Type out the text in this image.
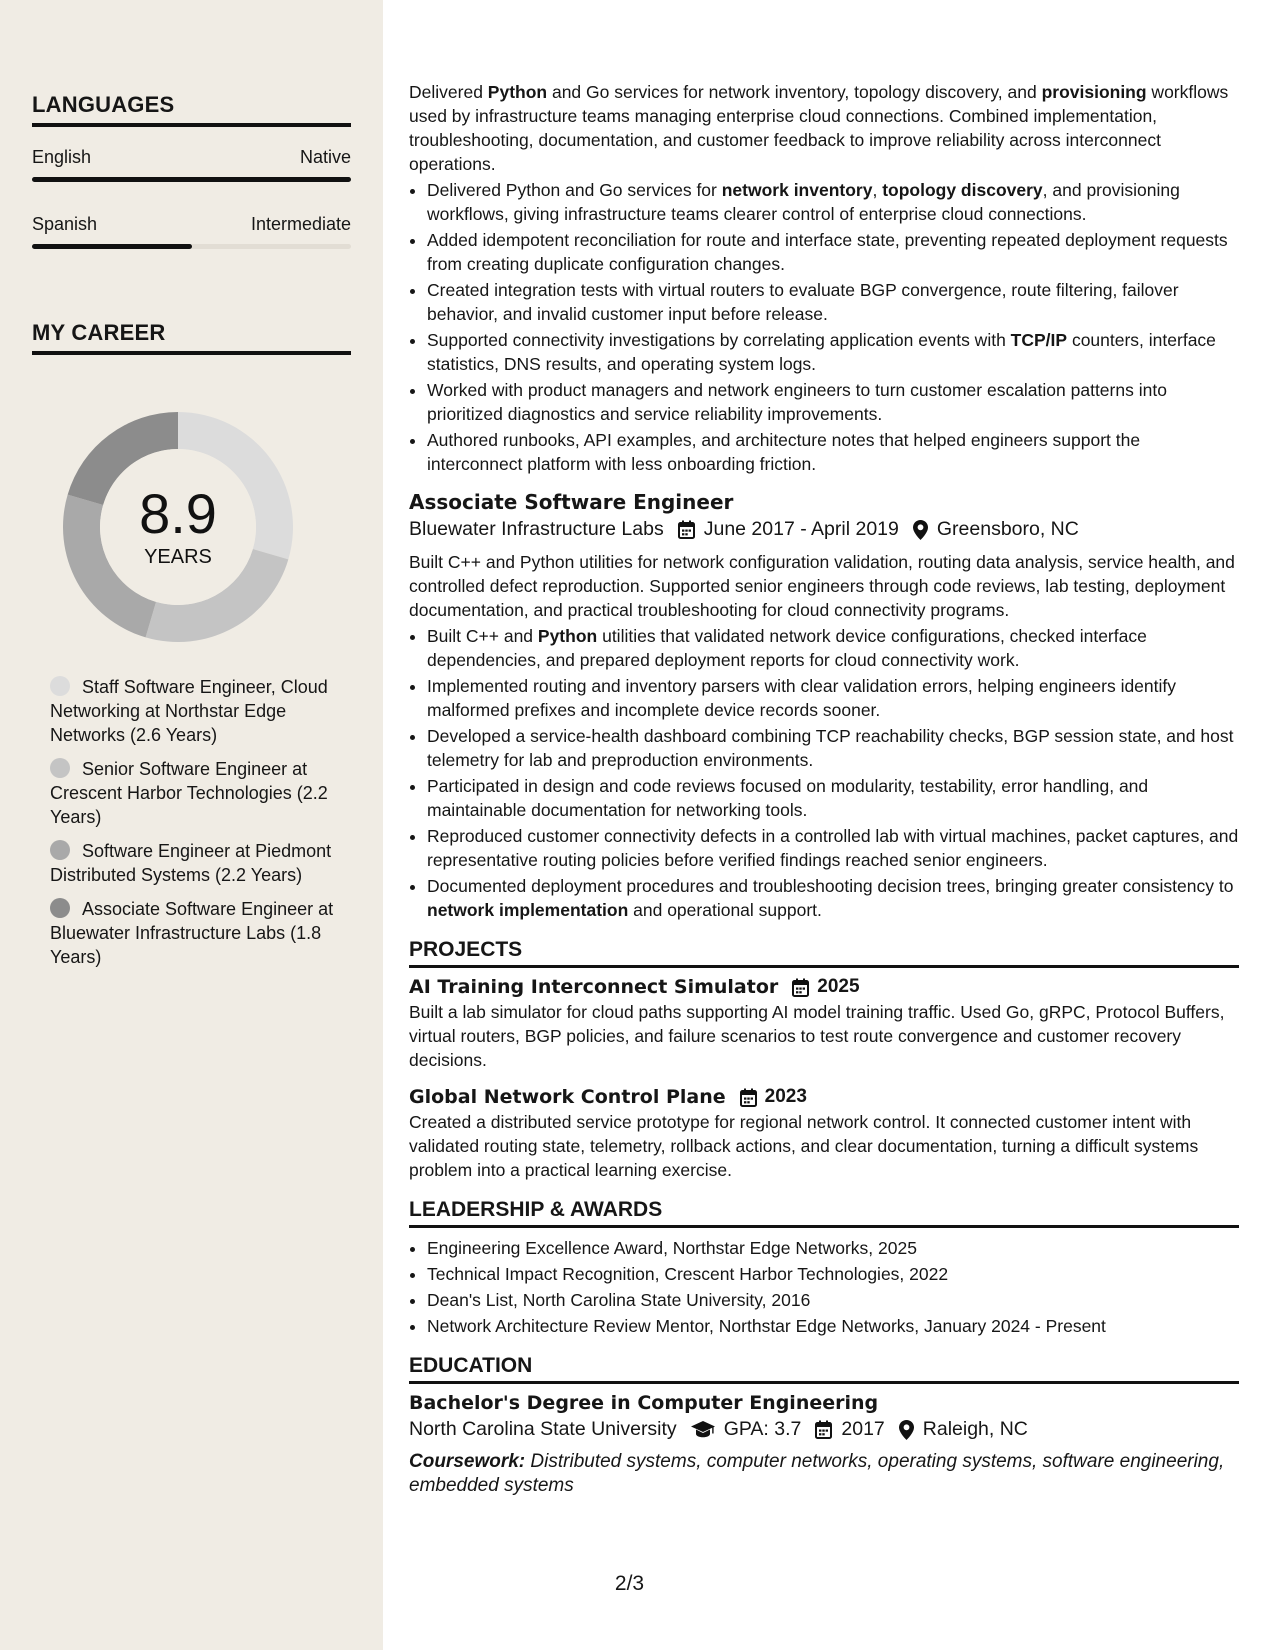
LANGUAGES
English	Native
Spanish	Intermediate
MY CAREER
8.9
YEARS
Staff Software Engineer, Cloud Networking at Northstar Edge Networks (2.6 Years)
Senior Software Engineer at Crescent Harbor Technologies (2.2 Years)
Software Engineer at Piedmont Distributed Systems (2.2 Years)
Associate Software Engineer at Bluewater Infrastructure Labs (1.8 Years)

Delivered Python and Go services for network inventory, topology discovery, and provisioning workflows used by infrastructure teams managing enterprise cloud connections. Combined implementation, troubleshooting, documentation, and customer feedback to improve reliability across interconnect operations.

• Delivered Python and Go services for network inventory, topology discovery, and provisioning workflows, giving infrastructure teams clearer control of enterprise cloud connections.
• Added idempotent reconciliation for route and interface state, preventing repeated deployment requests from creating duplicate configuration changes.
• Created integration tests with virtual routers to evaluate BGP convergence, route filtering, failover behavior, and invalid customer input before release.
• Supported connectivity investigations by correlating application events with TCP/IP counters, interface statistics, DNS results, and operating system logs.
• Worked with product managers and network engineers to turn customer escalation patterns into prioritized diagnostics and service reliability improvements.
• Authored runbooks, API examples, and architecture notes that helped engineers support the interconnect platform with less onboarding friction.
Associate Software Engineer
Bluewater Infrastructure Labs June 2017 - April 2019 Greensboro, NC

Built C++ and Python utilities for network configuration validation, routing data analysis, service health, and controlled defect reproduction. Supported senior engineers through code reviews, lab testing, deployment documentation, and practical troubleshooting for cloud connectivity programs.

• Built C++ and Python utilities that validated network device configurations, checked interface dependencies, and prepared deployment reports for cloud connectivity work.
• Implemented routing and inventory parsers with clear validation errors, helping engineers identify malformed prefixes and incomplete device records sooner.
• Developed a service-health dashboard combining TCP reachability checks, BGP session state, and host telemetry for lab and preproduction environments.
• Participated in design and code reviews focused on modularity, testability, error handling, and maintainable documentation for networking tools.
• Reproduced customer connectivity defects in a controlled lab with virtual machines, packet captures, and representative routing policies before verified findings reached senior engineers.
• Documented deployment procedures and troubleshooting decision trees, bringing greater consistency to network implementation and operational support.
PROJECTS
AI Training Interconnect Simulator 2025

Built a lab simulator for cloud paths supporting AI model training traffic. Used Go, gRPC, Protocol Buffers, virtual routers, BGP policies, and failure scenarios to test route convergence and customer recovery decisions.

Global Network Control Plane 2023

Created a distributed service prototype for regional network control. It connected customer intent with validated routing state, telemetry, rollback actions, and clear documentation, turning a difficult systems problem into a practical learning exercise.

LEADERSHIP & AWARDS
• Engineering Excellence Award, Northstar Edge Networks, 2025
• Technical Impact Recognition, Crescent Harbor Technologies, 2022
• Dean's List, North Carolina State University, 2016
• Network Architecture Review Mentor, Northstar Edge Networks, January 2024 - Present
EDUCATION
Bachelor's Degree in Computer Engineering
North Carolina State University GPA: 3.7 2017 Raleigh, NC

Coursework: Distributed systems, computer networks, operating systems, software engineering, embedded systems

2/3
